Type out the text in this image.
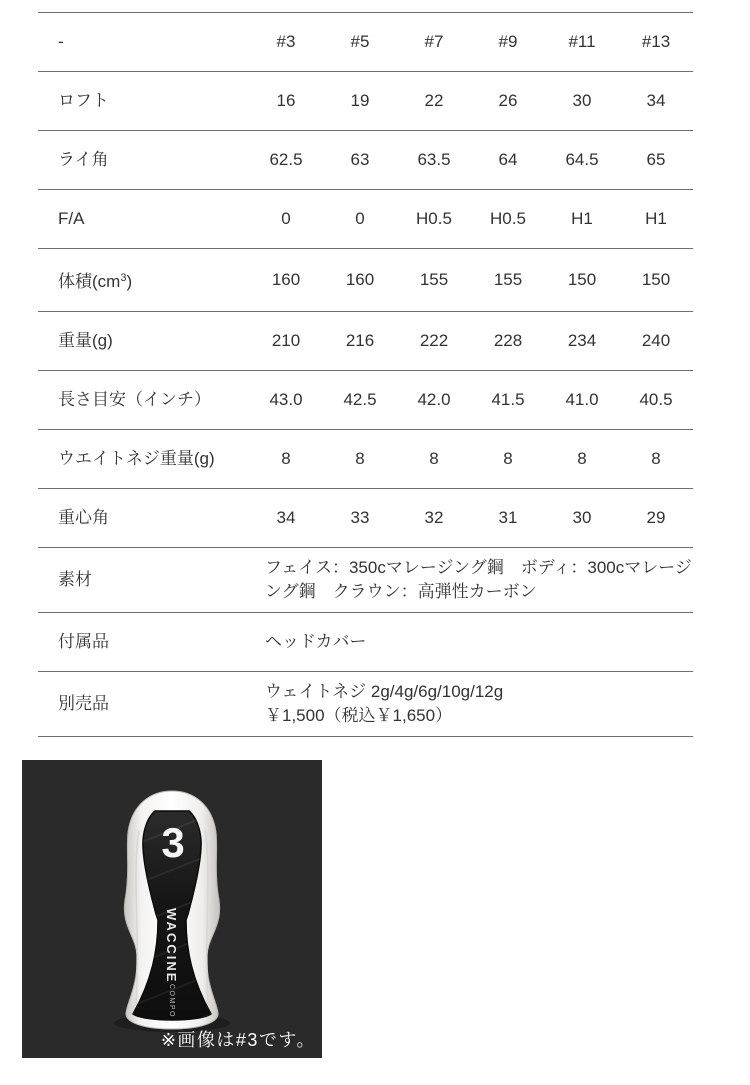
-	#3	#5	#7	#9	#11	#13
ロフト	16	19	22	26	30	34
ライ角	62.5	63	63.5	64	64.5	65
F/A	0	0	H0.5	H0.5	H1	H1
体積$(cm^3)$	160	160	155	155	150	150
重量(g)	210	216	222	228	234	240
長さ目安（インチ）	43.0	42.5	42.0	41.5	41.0	40.5
ウエイトネジ重量(g)	8	8	8	8	8	8
重心角	34	33	32	31	30	29
素材	フェイス：350cマレージング鋼　ボディ：300cマレージング鋼　クラウン：高弾性カーボン					
付属品	ヘッドカバー					
別売品	ウェイトネジ 2g/4g/6g/10g/12g
￥1,500（税込￥1,650）					
3
WACCINE
COMPO
※画像は#3です。
